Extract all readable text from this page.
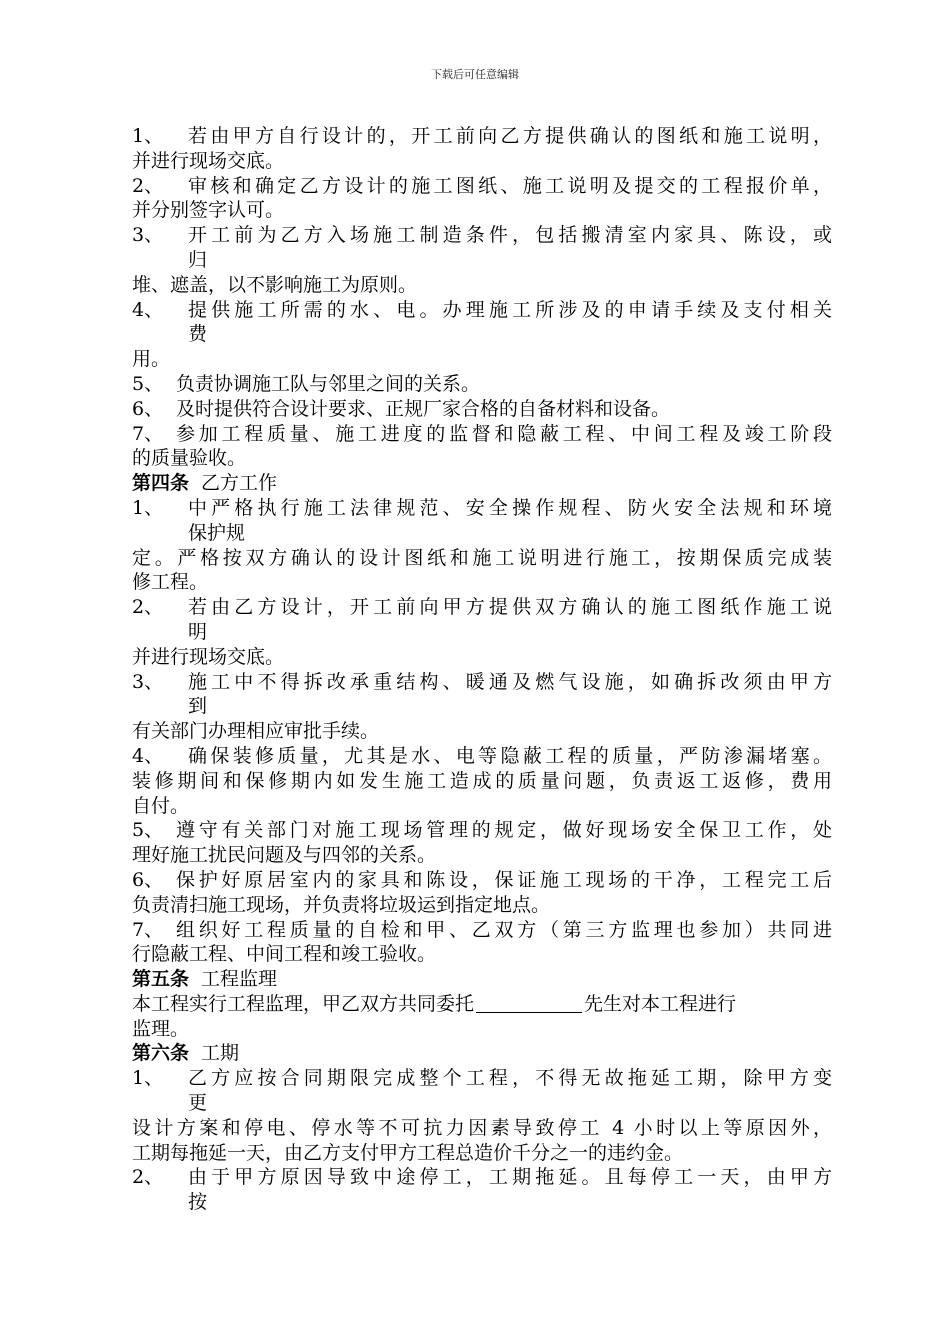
下载后可任意编辑
1、	若由甲方自行设计的，开工前向乙方提供确认的图纸和施工说明，
并进行现场交底。
2、	审核和确定乙方设计的施工图纸、施工说明及提交的工程报价单，
并分别签字认可。
3、	开工前为乙方入场施工制造条件，包括搬清室内家具、陈设，或
归
堆、遮盖，以不影响施工为原则。
4、	提供施工所需的水、电。办理施工所涉及的申请手续及支付相关
费
用。
5、 负责协调施工队与邻里之间的关系。
6、 及时提供符合设计要求、正规厂家合格的自备材料和设备。
7、 参加工程质量、施工进度的监督和隐蔽工程、中间工程及竣工阶段
的质量验收。
第四条 乙方工作
1、	中严格执行施工法律规范、安全操作规程、防火安全法规和环境
保护规
定。严格按双方确认的设计图纸和施工说明进行施工，按期保质完成装
修工程。
2、	若由乙方设计，开工前向甲方提供双方确认的施工图纸作施工说
明
并进行现场交底。
3、	施工中不得拆改承重结构、暖通及燃气设施，如确拆改须由甲方
到
有关部门办理相应审批手续。
4、	确保装修质量，尤其是水、电等隐蔽工程的质量，严防渗漏堵塞。
装修期间和保修期内如发生施工造成的质量问题，负责返工返修，费用
自付。
5、 遵守有关部门对施工现场管理的规定，做好现场安全保卫工作，处
理好施工扰民问题及与四邻的关系。
6、 保护好原居室内的家具和陈设，保证施工现场的干净，工程完工后
负责清扫施工现场，并负责将垃圾运到指定地点。
7、 组织好工程质量的自检和甲、乙双方（第三方监理也参加）共同进
行隐蔽工程、中间工程和竣工验收。
第五条 工程监理
本工程实行工程监理，甲乙双方共同委托	先生对本工程进行
监理。
第六条 工期
1、	乙方应按合同期限完成整个工程，不得无故拖延工期，除甲方变
更
设计方案和停电、停水等不可抗力因素导致停工 4 小时以上等原因外，
工期每拖延一天，由乙方支付甲方工程总造价千分之一的违约金。
2、	由于甲方原因导致中途停工，工期拖延。且每停工一天，由甲方
按
